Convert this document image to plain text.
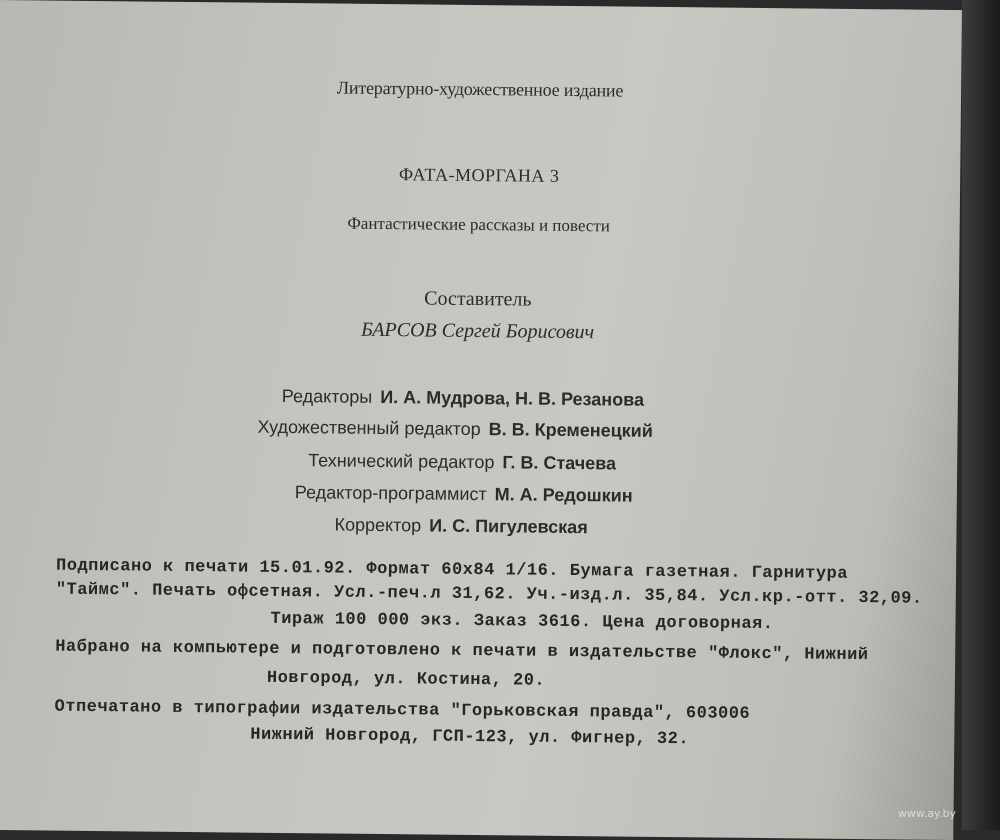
Литературно-художественное издание
ФАТА-МОРГАНА 3
Фантастические рассказы и повести
Составитель
БАРСОВ Сергей Борисович
Редакторы И. А. Мудрова, Н. В. Резанова
Художественный редактор В. В. Кременецкий
Технический редактор Г. В. Стачева
Редактор-программист М. А. Редошкин
Корректор И. С. Пигулевская
Подписано к печати 15.01.92. Формат 60x84 1/16. Бумага газетная. Гарнитура
"Таймс". Печать офсетная. Усл.-печ.л 31,62. Уч.-изд.л. 35,84. Усл.кр.-отт. 32,09.
Тираж 100 000 экз. Заказ 3616. Цена договорная.
Набрано на компьютере и подготовлено к печати в издательстве "Флокс", Нижний
Новгород, ул. Костина, 20.
Отпечатано в типографии издательства "Горьковская правда", 603006
Нижний Новгород, ГСП-123, ул. Фигнер, 32.
www.ay.by
